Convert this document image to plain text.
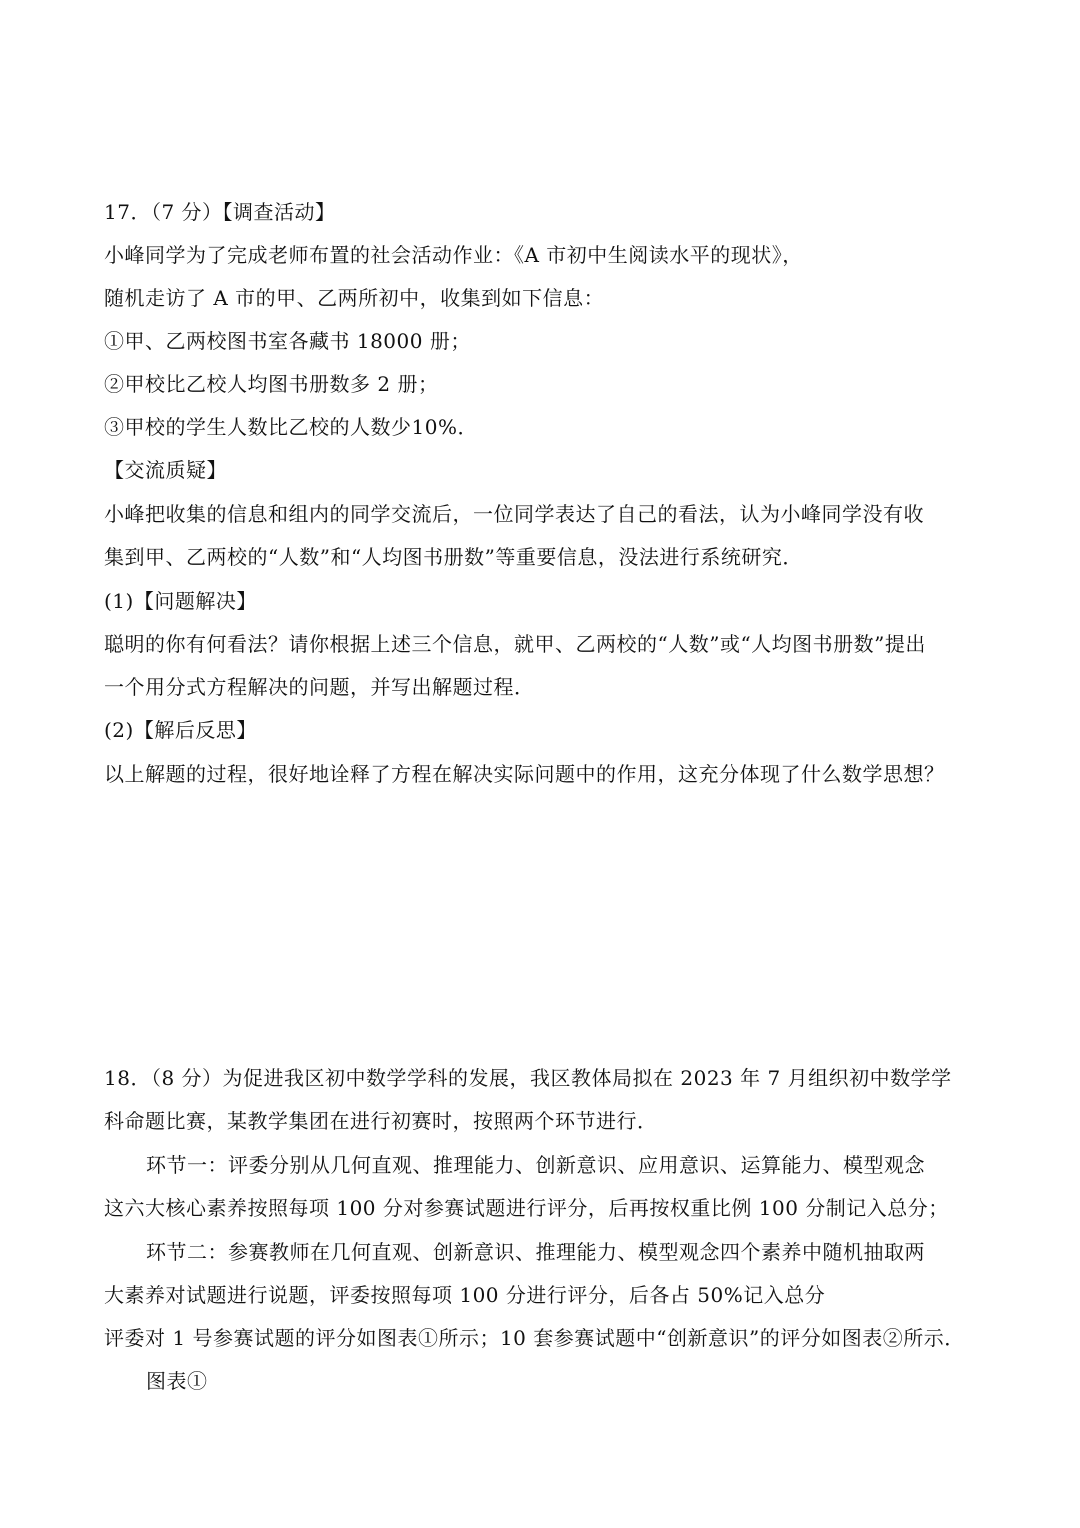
17．（7 分）【调查活动】
小峰同学为了完成老师布置的社会活动作业：《A 市初中生阅读水平的现状》，
随机走访了 A 市的甲、乙两所初中，收集到如下信息：
①甲、乙两校图书室各藏书 18000 册；
②甲校比乙校人均图书册数多 2 册；
③甲校的学生人数比乙校的人数少10%．
【交流质疑】
小峰把收集的信息和组内的同学交流后，一位同学表达了自己的看法，认为小峰同学没有收
集到甲、乙两校的“人数”和“人均图书册数”等重要信息，没法进行系统研究．
(1)【问题解决】
聪明的你有何看法？请你根据上述三个信息，就甲、乙两校的“人数”或“人均图书册数”提出
一个用分式方程解决的问题，并写出解题过程．
(2)【解后反思】
以上解题的过程，很好地诠释了方程在解决实际问题中的作用，这充分体现了什么数学思想？
18．（8 分）为促进我区初中数学学科的发展，我区教体局拟在 2023 年 7 月组织初中数学学
科命题比赛，某教学集团在进行初赛时，按照两个环节进行．
环节一：评委分别从几何直观、推理能力、创新意识、应用意识、运算能力、模型观念
这六大核心素养按照每项 100 分对参赛试题进行评分，后再按权重比例 100 分制记入总分；
环节二：参赛教师在几何直观、创新意识、推理能力、模型观念四个素养中随机抽取两
大素养对试题进行说题，评委按照每项 100 分进行评分，后各占 50%记入总分
评委对 1 号参赛试题的评分如图表①所示；10 套参赛试题中“创新意识”的评分如图表②所示．
图表①
